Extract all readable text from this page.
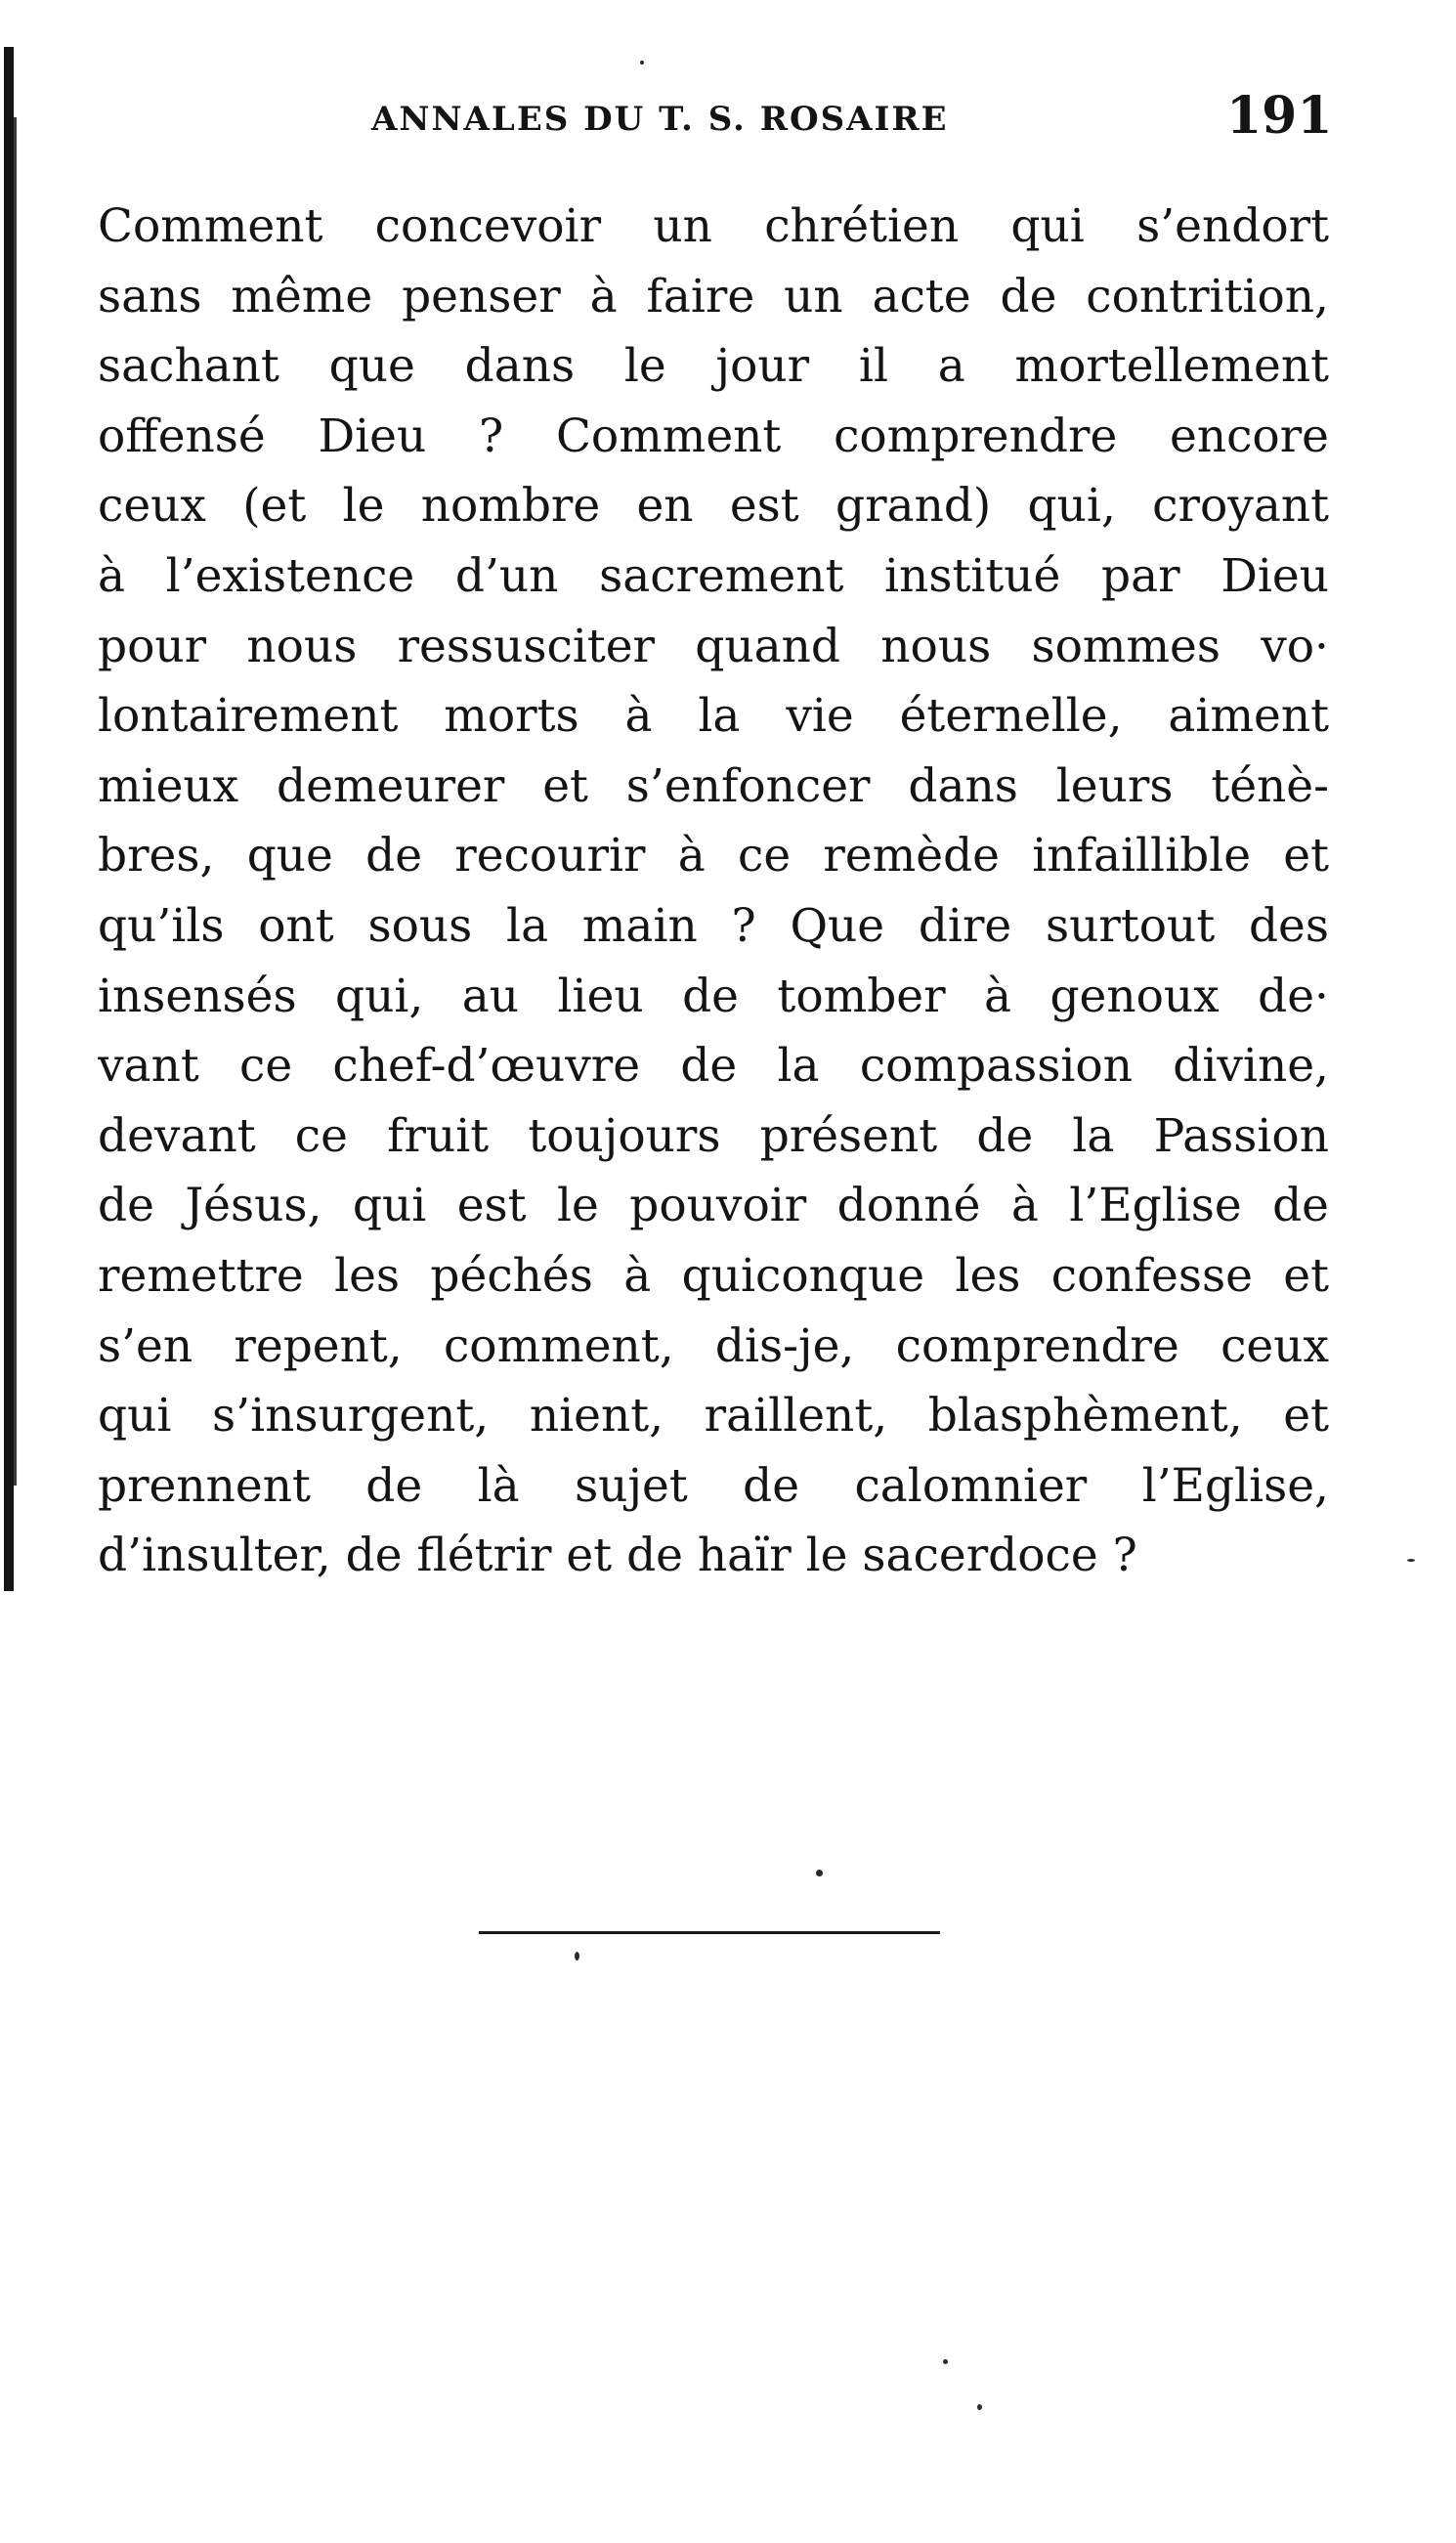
ANNALES DU T. S. ROSAIRE	191
Comment concevoir un chrétien qui s’endort
sans même penser à faire un acte de contrition,
sachant que dans le jour il a mortellement
offensé Dieu ? Comment comprendre encore
ceux (et le nombre en est grand) qui, croyant
à l’existence d’un sacrement institué par Dieu
pour nous ressusciter quand nous sommes vo·
lontairement morts à la vie éternelle, aiment
mieux demeurer et s’enfoncer dans leurs ténè-
bres, que de recourir à ce remède infaillible et
qu’ils ont sous la main ? Que dire surtout des
insensés qui, au lieu de tomber à genoux de·
vant ce chef-d’œuvre de la compassion divine,
devant ce fruit toujours présent de la Passion
de Jésus, qui est le pouvoir donné à l’Eglise de
remettre les péchés à quiconque les confesse et
s’en repent, comment, dis-je, comprendre ceux
qui s’insurgent, nient, raillent, blasphèment, et
prennent de là sujet de calomnier l’Eglise,
d’insulter, de flétrir et de haïr le sacerdoce ?
